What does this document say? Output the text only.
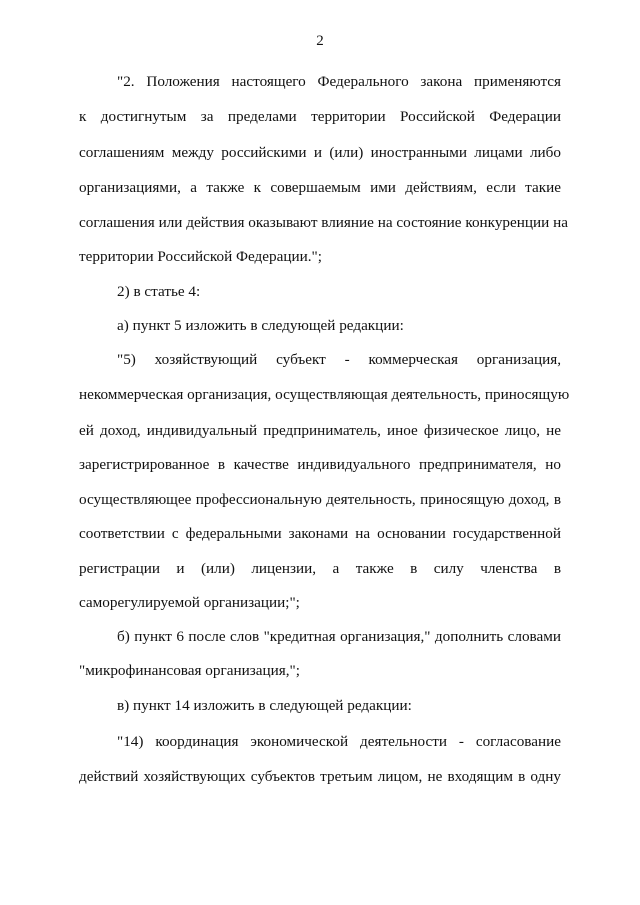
2
"2. Положения настоящего Федерального закона применяются
к достигнутым за пределами территории Российской Федерации
соглашениям между российскими и (или) иностранными лицами либо
организациями, а также к совершаемым ими действиям, если такие
соглашения или действия оказывают влияние на состояние конкуренции на
территории Российской Федерации.";
2) в статье 4:
а) пункт 5 изложить в следующей редакции:
"5) хозяйствующий субъект - коммерческая организация,
некоммерческая организация, осуществляющая деятельность, приносящую
ей доход, индивидуальный предприниматель, иное физическое лицо, не
зарегистрированное в качестве индивидуального предпринимателя, но
осуществляющее профессиональную деятельность, приносящую доход, в
соответствии с федеральными законами на основании государственной
регистрации и (или) лицензии, а также в силу членства в
саморегулируемой организации;";
б) пункт 6 после слов "кредитная организация," дополнить словами
"микрофинансовая организация,";
в) пункт 14 изложить в следующей редакции:
"14) координация экономической деятельности - согласование
действий хозяйствующих субъектов третьим лицом, не входящим в одну
